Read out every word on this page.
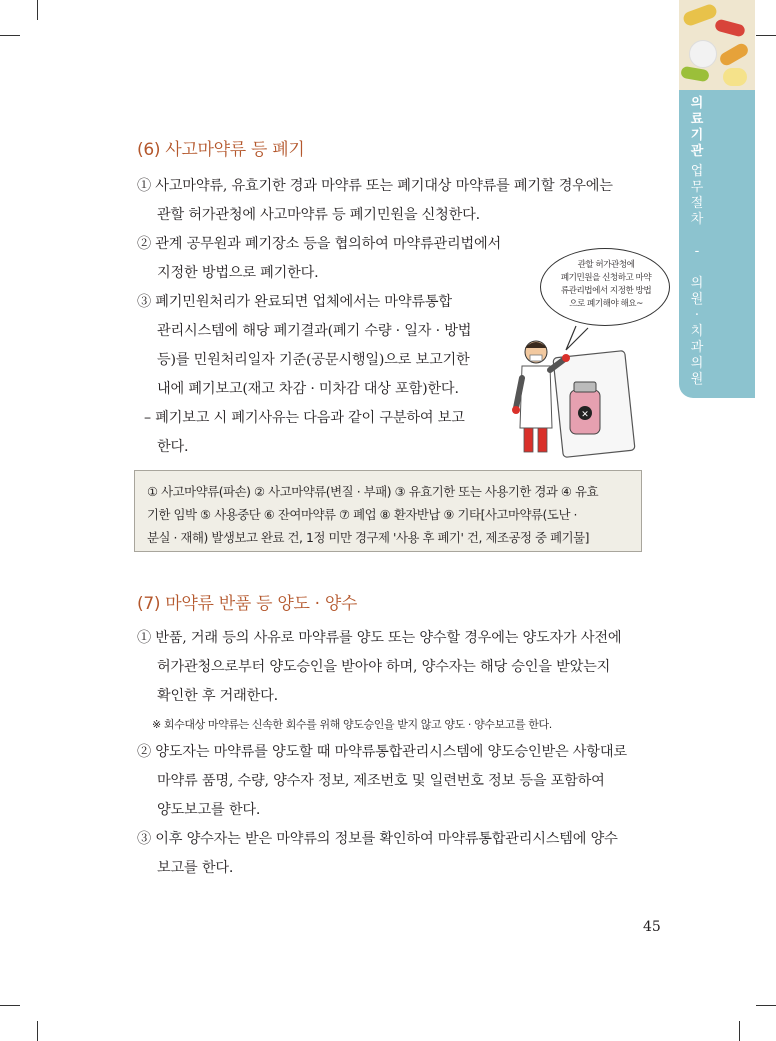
의
료
기
관
업
무
절
차

-

의
원
·
치
과
의
원
(6) 사고마약류 등 폐기
① 사고마약류, 유효기한 경과 마약류 또는 폐기대상 마약류를 폐기할 경우에는
관할 허가관청에 사고마약류 등 폐기민원을 신청한다.
② 관계 공무원과 폐기장소 등을 협의하여 마약류관리법에서
지정한 방법으로 폐기한다.
③ 폐기민원처리가 완료되면 업체에서는 마약류통합
관리시스템에 해당 폐기결과(폐기 수량 · 일자 · 방법
등)를 민원처리일자 기준(공문시행일)으로 보고기한
내에 폐기보고(재고 차감 · 미차감 대상 포함)한다.
– 폐기보고 시 폐기사유는 다음과 같이 구분하여 보고
한다.
관할 허가관청에
폐기민원을 신청하고 마약
류관리법에서 지정한 방법
으로 폐기해야 해요~
✕
① 사고마약류(파손) ② 사고마약류(변질 · 부패) ③ 유효기한 또는 사용기한 경과 ④ 유효
기한 임박 ⑤ 사용중단 ⑥ 잔여마약류 ⑦ 폐업 ⑧ 환자반납 ⑨ 기타[사고마약류(도난 ·
분실 · 재해) 발생보고 완료 건, 1정 미만 경구제 '사용 후 폐기' 건, 제조공정 중 폐기물]
(7) 마약류 반품 등 양도 · 양수
① 반품, 거래 등의 사유로 마약류를 양도 또는 양수할 경우에는 양도자가 사전에
허가관청으로부터 양도승인을 받아야 하며, 양수자는 해당 승인을 받았는지
확인한 후 거래한다.
※ 회수대상 마약류는 신속한 회수를 위해 양도승인을 받지 않고 양도 · 양수보고를 한다.
② 양도자는 마약류를 양도할 때 마약류통합관리시스템에 양도승인받은 사항대로
마약류 품명, 수량, 양수자 정보, 제조번호 및 일련번호 정보 등을 포함하여
양도보고를 한다.
③ 이후 양수자는 받은 마약류의 정보를 확인하여 마약류통합관리시스템에 양수
보고를 한다.
45
